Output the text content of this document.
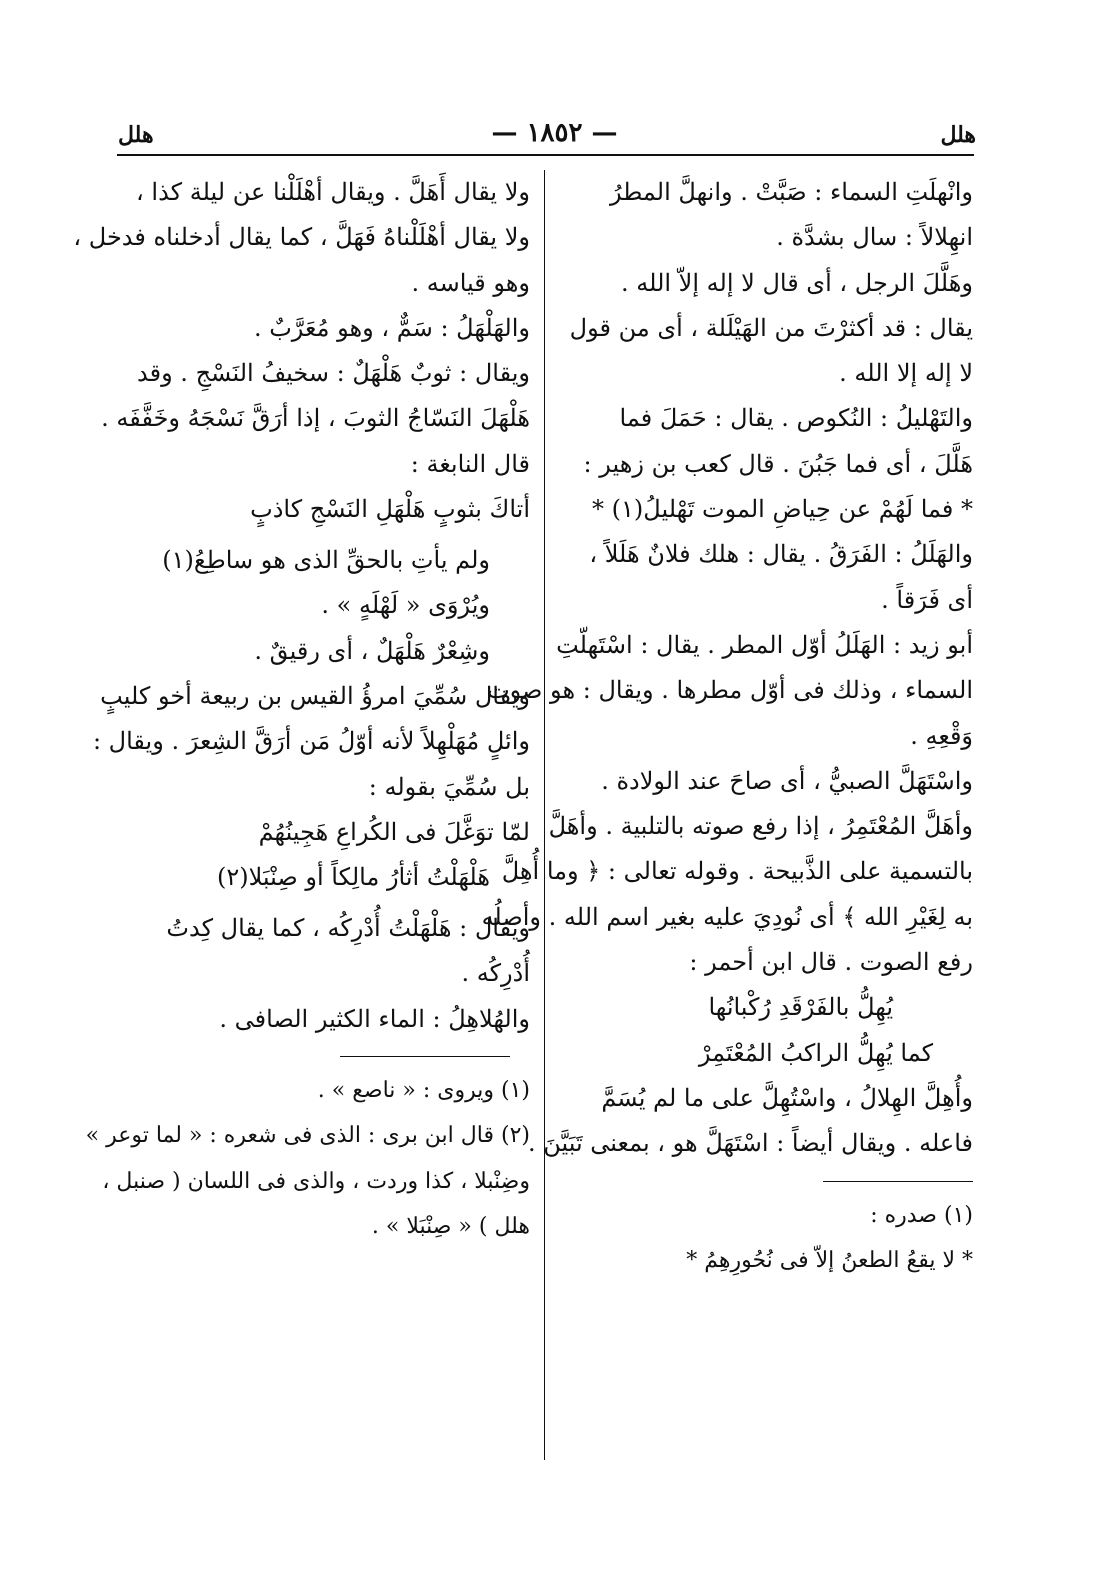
هلل
— ١٨٥٢ —
هلل
وانْهلَتِ السماء : صَبَّتْ . وانهلَّ المطرُ
انهِلالاً : سال بشدَّة .
وهَلَّلَ الرجل ، أى قال لا إله إلاّ الله .
يقال : قد أكثرْتَ من الهَيْلَلة ، أى من قول
لا إله إلا الله .
والتَهْليلُ : النُكوص . يقال : حَمَلَ فما
هَلَّلَ ، أى فما جَبُنَ . قال كعب بن زهير :
* فما لَهُمْ عن حِياضِ الموت تَهْليلُ(١) *
والهَلَلُ : الفَرَقُ . يقال : هلك فلانٌ هَلَلاً ،
أى فَرَقاً .
أبو زيد : الهَلَلُ أوّل المطر . يقال : اسْتَهلّتِ
السماء ، وذلك فى أوّل مطرها . ويقال : هو صوت
وَقْعِهِ .
واسْتَهَلَّ الصبيُّ ، أى صاحَ عند الولادة .
وأهَلَّ المُعْتَمِرُ ، إذا رفع صوته بالتلبية . وأهَلَّ
بالتسمية على الذَّبيحة . وقوله تعالى : ﴿ وما أُهِلَّ
به لِغَيْرِ الله ﴾ أى نُودِيَ عليه بغير اسم الله . وأصلُه
رفع الصوت . قال ابن أحمر :
يُهِلُّ بالفَرْقَدِ رُكْبانُها
كما يُهِلُّ الراكبُ المُعْتَمِرْ
وأُهِلَّ الهِلالُ ، واسْتُهِلَّ على ما لم يُسَمَّ
فاعله . ويقال أيضاً : اسْتَهَلَّ هو ، بمعنى تَبَيَّنَ .
(١) صدره :
* لا يقعُ الطعنُ إلاّ فى نُحُورِهِمُ *
ولا يقال أَهَلَّ . ويقال أهْلَلْنا عن ليلة كذا ،
ولا يقال أهْلَلْناهُ فَهَلَّ ، كما يقال أدخلناه فدخل ،
وهو قياسه .
والهَلْهَلُ : سَمٌّ ، وهو مُعَرَّبٌ .
ويقال : ثوبٌ هَلْهَلٌ : سخيفُ النَسْجِ . وقد
هَلْهَلَ النَسّاجُ الثوبَ ، إذا أرَقَّ نَسْجَهُ وخَفَّفَه .
قال النابغة :
أتاكَ بثوبٍ هَلْهَلِ النَسْجِ كاذبٍ
ولم يأتِ بالحقِّ الذى هو ساطِعُ(١)
ويُرْوَى « لَهْلَهٍ » .
وشِعْرٌ هَلْهَلٌ ، أى رقيقٌ .
ويقال سُمِّيَ امرؤُ القيس بن ربيعة أخو كليبٍ
وائلٍ مُهَلْهِلاً لأنه أوّلُ مَن أرَقَّ الشِعرَ . ويقال :
بل سُمِّيَ بقوله :
لمّا توَغَّلَ فى الكُراعِ هَجِينُهُمْ
هَلْهَلْتُ أثأرُ مالِكاً أو صِنْبَلا(٢)
ويقال : هَلْهَلْتُ أُدْرِكُه ، كما يقال كِدتُ
أُدْرِكُه .
والهُلاهِلُ : الماء الكثير الصافى .
(١) ويروى : « ناصع » .
(٢) قال ابن برى : الذى فى شعره : « لما توعر »
وضِنْبلا ، كذا وردت ، والذى فى اللسان ( صنبل ،
هلل ) « صِنْبَلا » .
